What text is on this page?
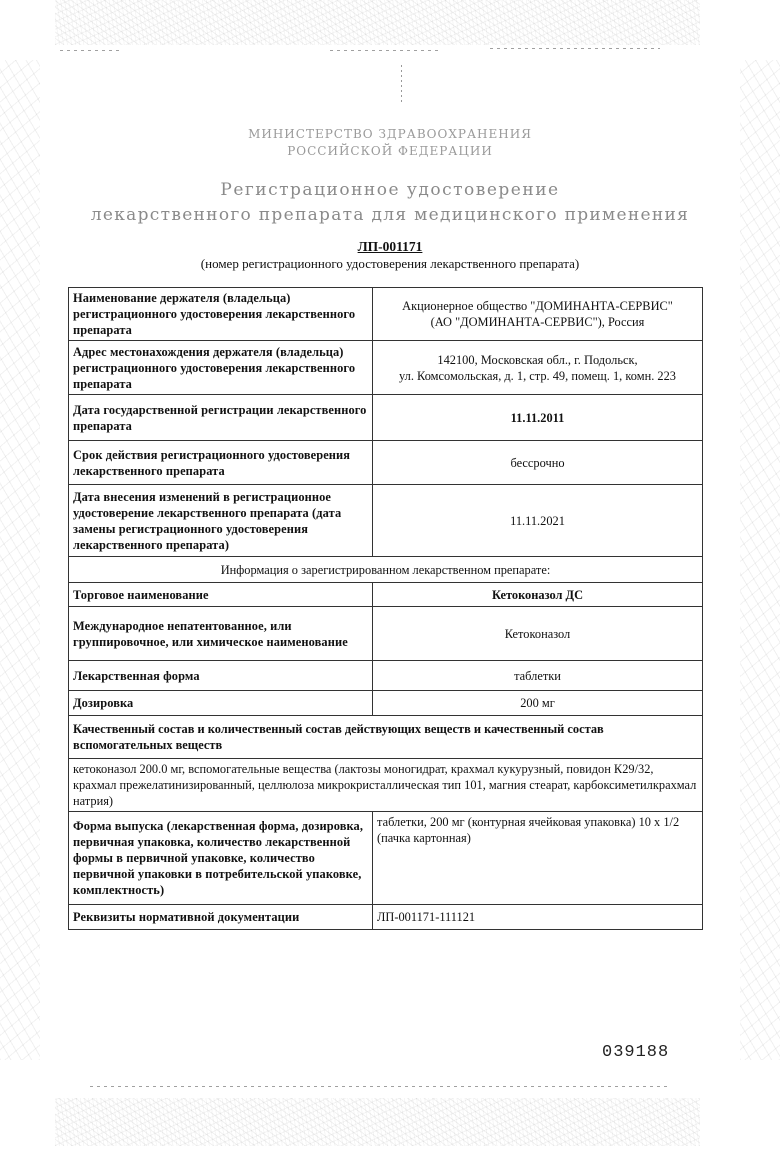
МИНИСТЕРСТВО ЗДРАВООХРАНЕНИЯ
РОССИЙСКОЙ ФЕДЕРАЦИИ
Регистрационное удостоверение
лекарственного препарата для медицинского применения
ЛП-001171
(номер регистрационного удостоверения лекарственного препарата)
Наименование держателя (владельца) регистрационного удостоверения лекарственного препарата	Акционерное общество "ДОМИНАНТА-СЕРВИС"
(АО "ДОМИНАНТА-СЕРВИС"), Россия

Адрес местонахождения держателя (владельца) регистрационного удостоверения лекарственного препарата	142100, Московская обл., г. Подольск,
ул. Комсомольская, д. 1, стр. 49, помещ. 1, комн. 223

Дата государственной регистрации лекарственного препарата	11.11.2011
Срок действия регистрационного удостоверения лекарственного препарата	бессрочно
Дата внесения изменений в регистрационное удостоверение лекарственного препарата (дата замены регистрационного удостоверения лекарственного препарата)	11.11.2021
Информация о зарегистрированном лекарственном препарате:	
Торговое наименование	Кетоконазол ДС
Международное непатентованное, или группировочное, или химическое наименование	Кетоконазол
Лекарственная форма	таблетки
Дозировка	200 мг
Качественный состав и количественный состав действующих веществ и качественный состав вспомогательных веществ	
кетоконазол 200.0 мг, вспомогательные вещества (лактозы моногидрат, крахмал кукурузный, повидон К29/32, крахмал прежелатинизированный, целлюлоза микрокристаллическая тип 101, магния стеарат, карбоксиметилкрахмал натрия)	
Форма выпуска (лекарственная форма, дозировка, первичная упаковка, количество лекарственной формы в первичной упаковке, количество первичной упаковки в потребительской упаковке, комплектность)	таблетки, 200 мг (контурная ячейковая упаковка) 10 х 1/2 (пачка картонная)
Реквизиты нормативной документации	ЛП-001171-111121
039188
